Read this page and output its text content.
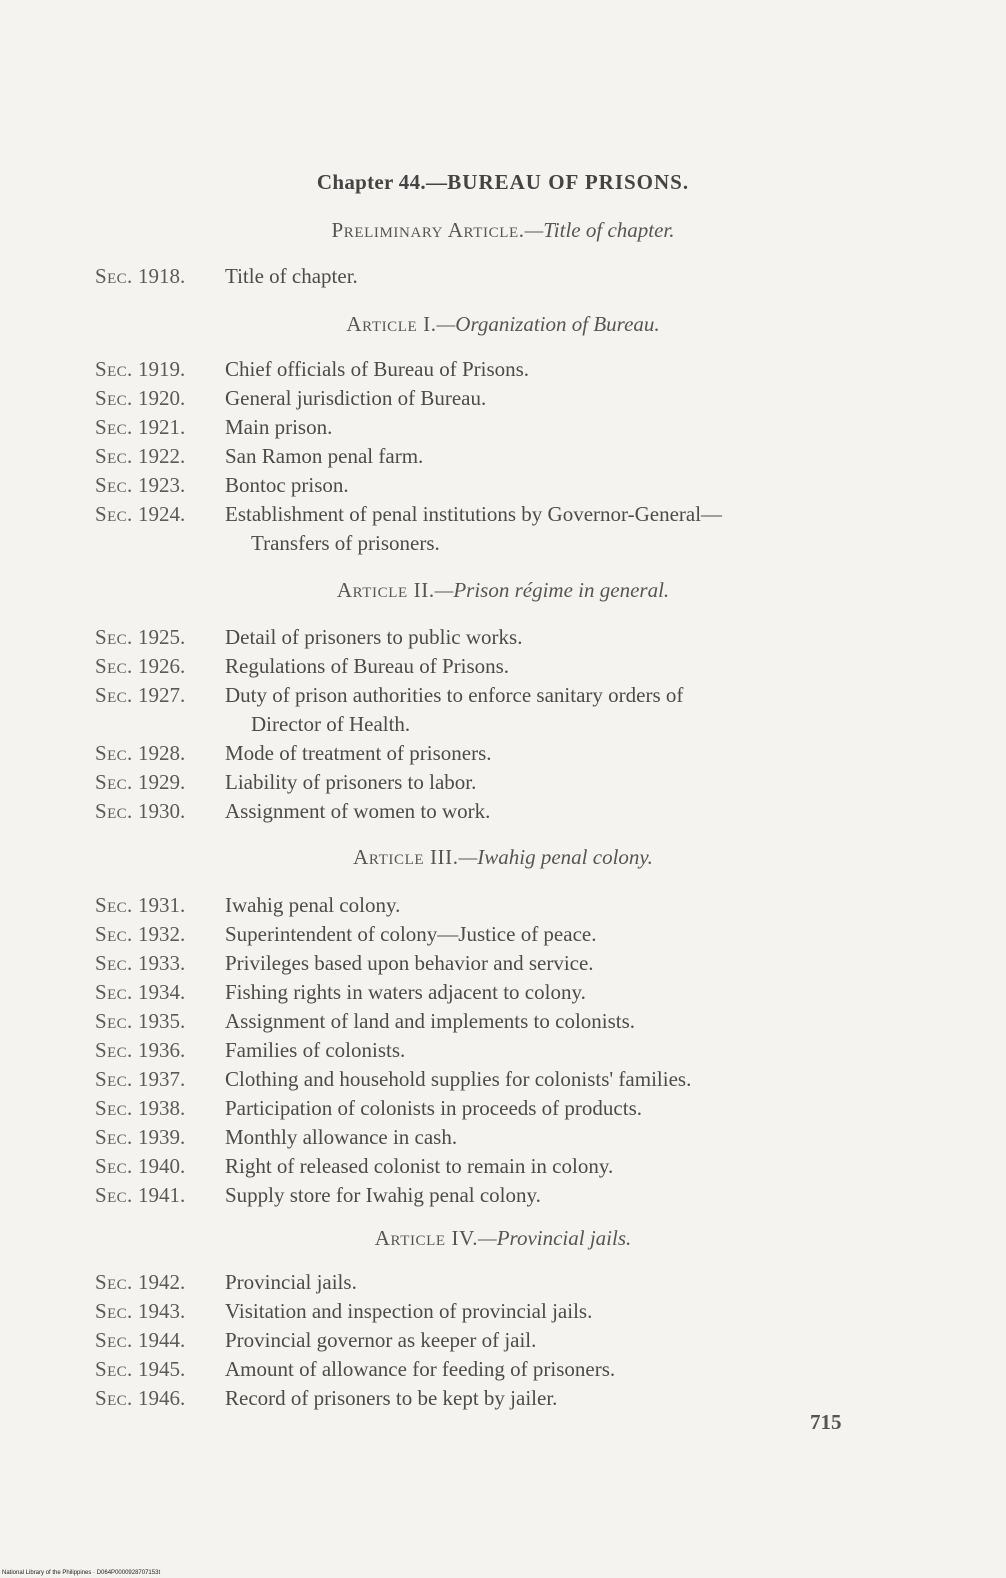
Chapter 44.—BUREAU OF PRISONS.
Preliminary Article.—Title of chapter.
Sec. 1918.	Title of chapter.
Article I.—Organization of Bureau.
Sec. 1919.	Chief officials of Bureau of Prisons.
Sec. 1920.	General jurisdiction of Bureau.
Sec. 1921.	Main prison.
Sec. 1922.	San Ramon penal farm.
Sec. 1923.	Bontoc prison.
Sec. 1924.	Establishment of penal institutions by Governor-General—
Transfers of prisoners.
Article II.—Prison régime in general.
Sec. 1925.	Detail of prisoners to public works.
Sec. 1926.	Regulations of Bureau of Prisons.
Sec. 1927.	Duty of prison authorities to enforce sanitary orders of
Director of Health.
Sec. 1928.	Mode of treatment of prisoners.
Sec. 1929.	Liability of prisoners to labor.
Sec. 1930.	Assignment of women to work.
Article III.—Iwahig penal colony.
Sec. 1931.	Iwahig penal colony.
Sec. 1932.	Superintendent of colony—Justice of peace.
Sec. 1933.	Privileges based upon behavior and service.
Sec. 1934.	Fishing rights in waters adjacent to colony.
Sec. 1935.	Assignment of land and implements to colonists.
Sec. 1936.	Families of colonists.
Sec. 1937.	Clothing and household supplies for colonists' families.
Sec. 1938.	Participation of colonists in proceeds of products.
Sec. 1939.	Monthly allowance in cash.
Sec. 1940.	Right of released colonist to remain in colony.
Sec. 1941.	Supply store for Iwahig penal colony.
Article IV.—Provincial jails.
Sec. 1942.	Provincial jails.
Sec. 1943.	Visitation and inspection of provincial jails.
Sec. 1944.	Provincial governor as keeper of jail.
Sec. 1945.	Amount of allowance for feeding of prisoners.
Sec. 1946.	Record of prisoners to be kept by jailer.
715
National Library of the Philippines · D064P0000928707153t
